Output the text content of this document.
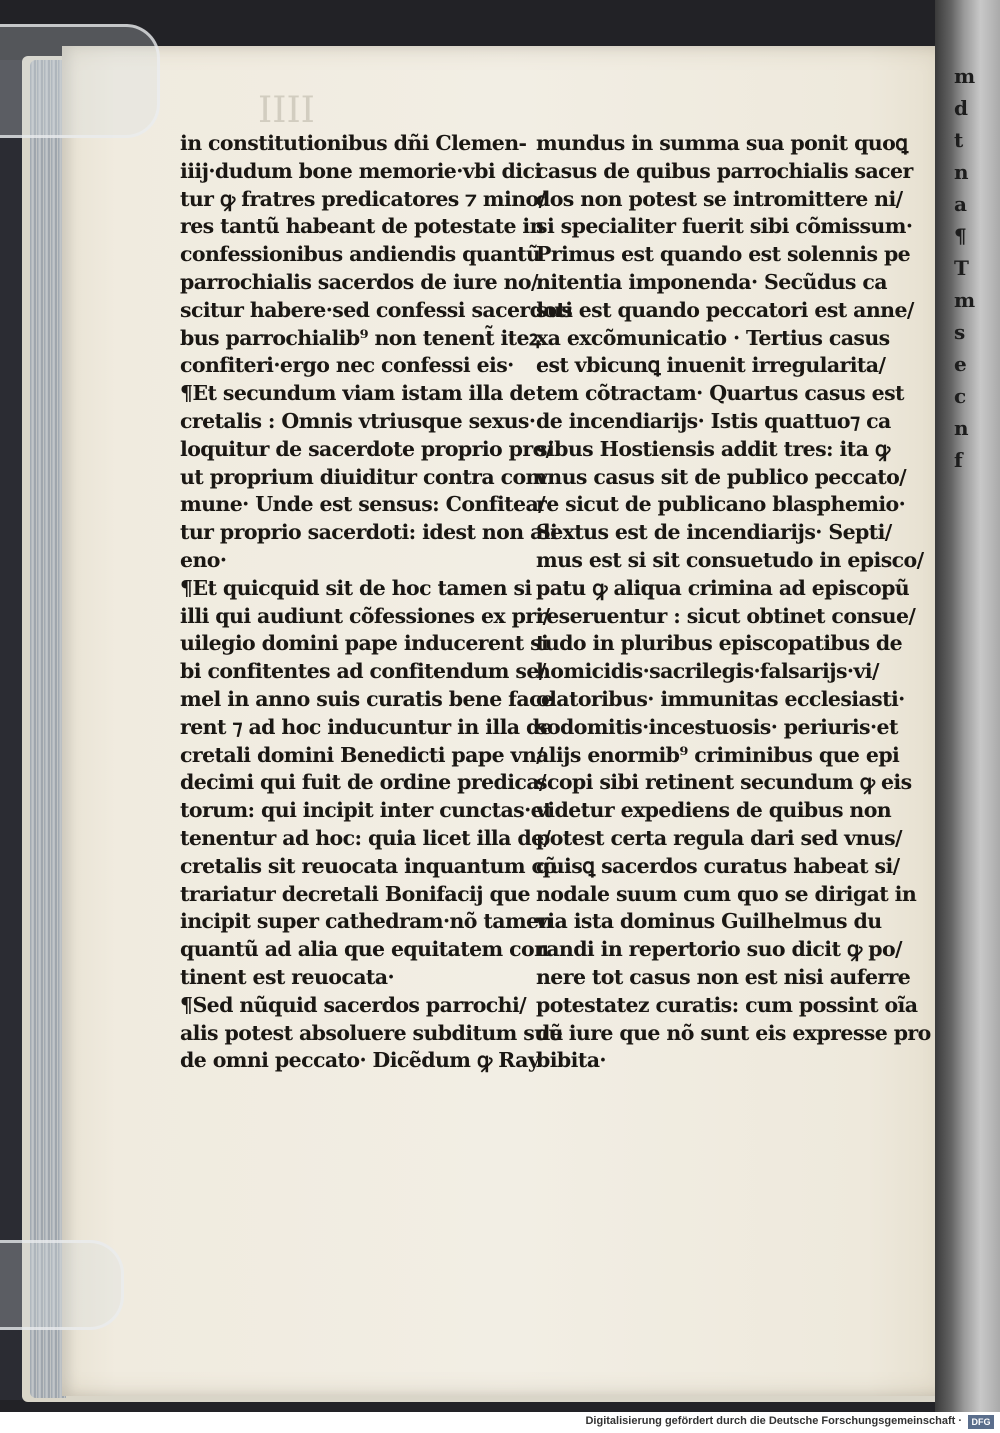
IIII
in constitutionibus dñi Clemen‑
iiij·dudum bone memorie·vbi dici
tur ꝙ fratres predicatores ⁊ mino/
res tantũ habeant de potestate in
confessionibus andiendis quantũ
parrochialis sacerdos de iure no/
scitur habere·sed confessi sacerdoti
bus parrochialib⁹ non tenent̃ iteꝝ
confiteri·ergo nec confessi eis·
¶Et secundum viam istam illa de
cretalis : Omnis vtriusque sexus·
loquitur de sacerdote proprio pro/
ut proprium diuiditur contra com
mune· Unde est sensus: Confitea/
tur proprio sacerdoti: idest non ali
eno·
¶Et quicquid sit de hoc tamen si
illi qui audiunt cõfessiones ex pri/
uilegio domini pape inducerent si
bi confitentes ad confitendum se/
mel in anno suis curatis bene face
rent ⁊ ad hoc inducuntur in illa de
cretali domini Benedicti pape vn/
decimi qui fuit de ordine predica/
torum: qui incipit inter cunctas·et
tenentur ad hoc: quia licet illa de/
cretalis sit reuocata inquantum cõ
trariatur decretali Bonifacij que
incipit super cathedram·nõ tamen
quantũ ad alia que equitatem con
tinent est reuocata·
¶Sed nũquid sacerdos parrochi/
alis potest absoluere subditum suũ
de omni peccato· Dicẽdum ꝙ Ray
mundus in summa sua ponit quoꝗ
casus de quibus parrochialis sacer
dos non potest se intromittere ni/
si specialiter fuerit sibi cõmissum·
Primus est quando est solennis pe
nitentia imponenda· Secũdus ca
sus est quando peccatori est anne/
xa excõmunicatio · Tertius casus
est vbicunꝗ inuenit irregularita/
tem cõtractam· Quartus casus est
de incendiarijs· Istis quattuo⁊ ca
sibus Hostiensis addit tres: ita ꝙ
vnus casus sit de publico peccato/
re sicut de publicano blasphemio·
Sextus est de incendiarijs· Septi/
mus est si sit consuetudo in episco/
patu ꝙ aliqua crimina ad episcopũ
reseruentur : sicut obtinet consue/
tudo in pluribus episcopatibus de
homicidis·sacrilegis·falsarijs·vi/
olatoribus· immunitas ecclesiasti·
sodomitis·incestuosis· periuris·et
alijs enormib⁹ criminibus que epi
scopi sibi retinent secundum ꝙ eis
videtur expediens de quibus non
potest certa regula dari sed vnus/
quisꝗ sacerdos curatus habeat si/
nodale suum cum quo se dirigat in
via ista dominus Guilhelmus du
randi in repertorio suo dicit ꝙ po/
nere tot casus non est nisi auferre
potestatez curatis: cum possint oĩa
de iure que nõ sunt eis expresse pro
bibita·
m
d
t
n
a
¶
T
m
s
e
c
n
f
Digitalisierung gefördert durch die Deutsche Forschungsgemeinschaft ·	DFG
